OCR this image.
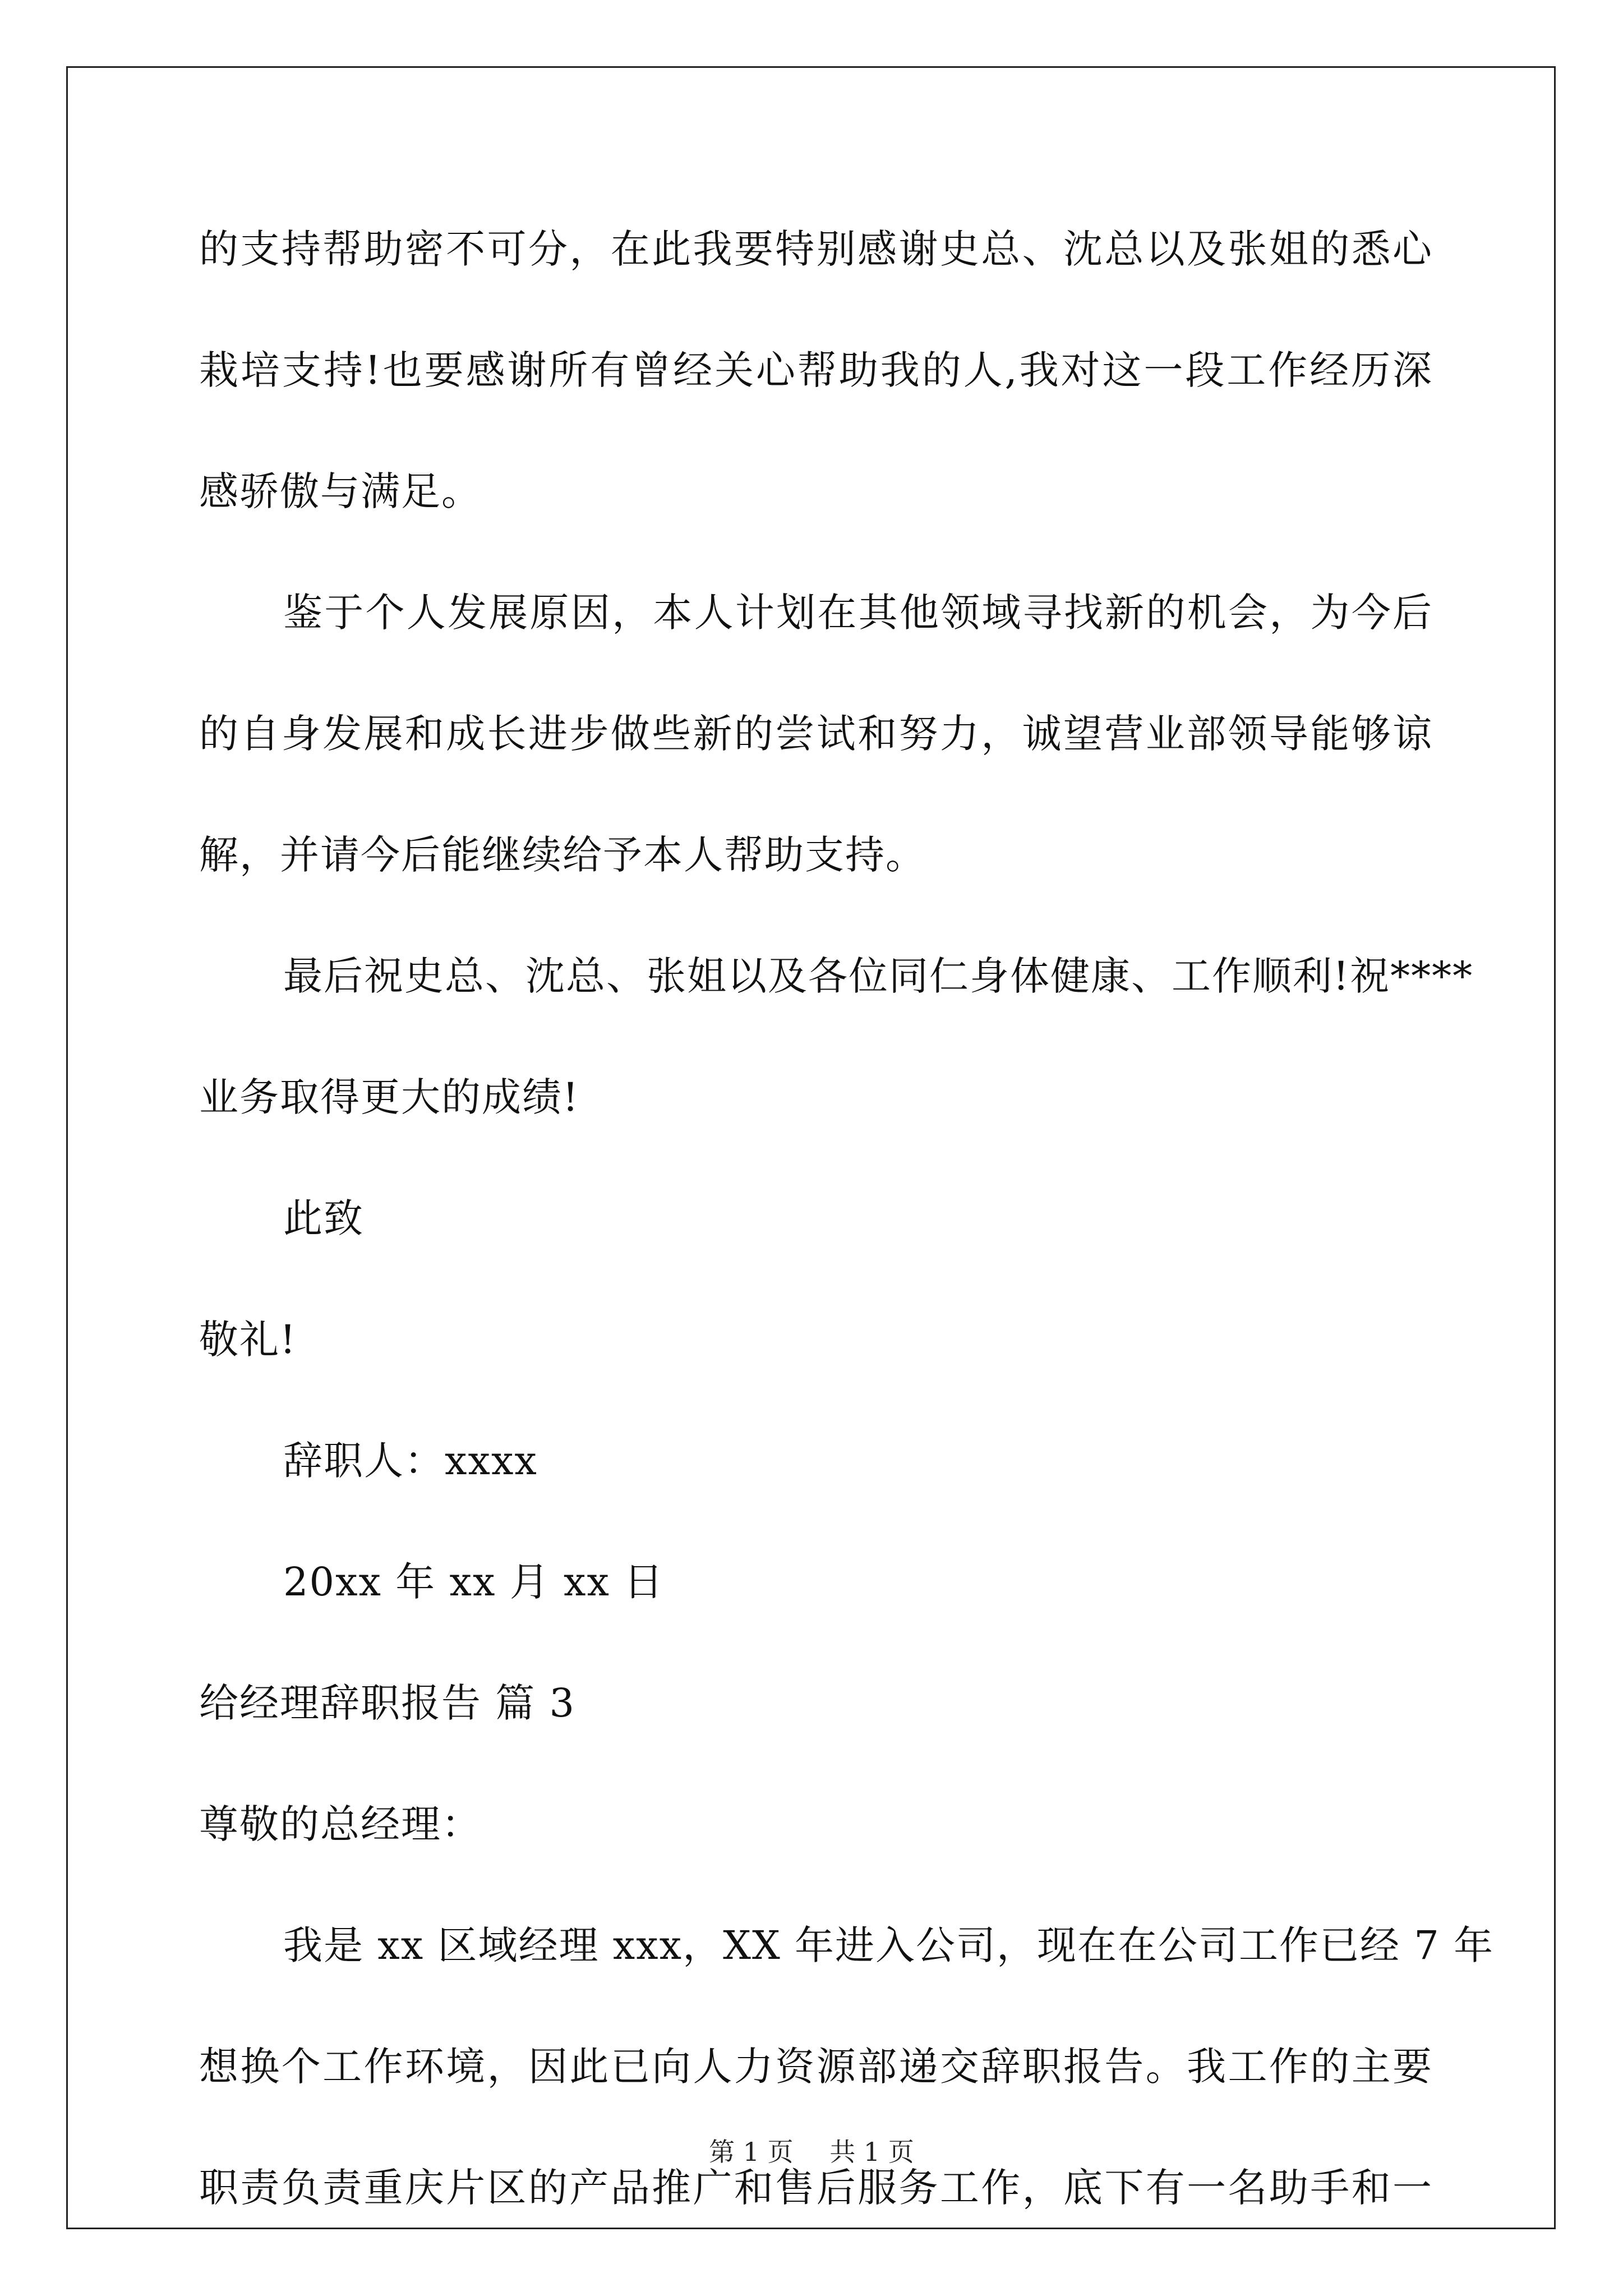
的支持帮助密不可分，在此我要特别感谢史总、沈总以及张姐的悉心
栽培支持!也要感谢所有曾经关心帮助我的人,我对这一段工作经历深
感骄傲与满足。
鉴于个人发展原因，本人计划在其他领域寻找新的机会，为今后
的自身发展和成长进步做些新的尝试和努力，诚望营业部领导能够谅
解，并请今后能继续给予本人帮助支持。
最后祝史总、沈总、张姐以及各位同仁身体健康、工作顺利!祝****
业务取得更大的成绩!
此致
敬礼!
辞职人：xxxx
20xx 年 xx 月 xx 日
给经理辞职报告 篇 3
尊敬的总经理：
我是 xx 区域经理 xxx，XX 年进入公司，现在在公司工作已经 7 年
想换个工作环境，因此已向人力资源部递交辞职报告。我工作的主要
职责负责重庆片区的产品推广和售后服务工作，底下有一名助手和一
第 1 页 共 1 页
